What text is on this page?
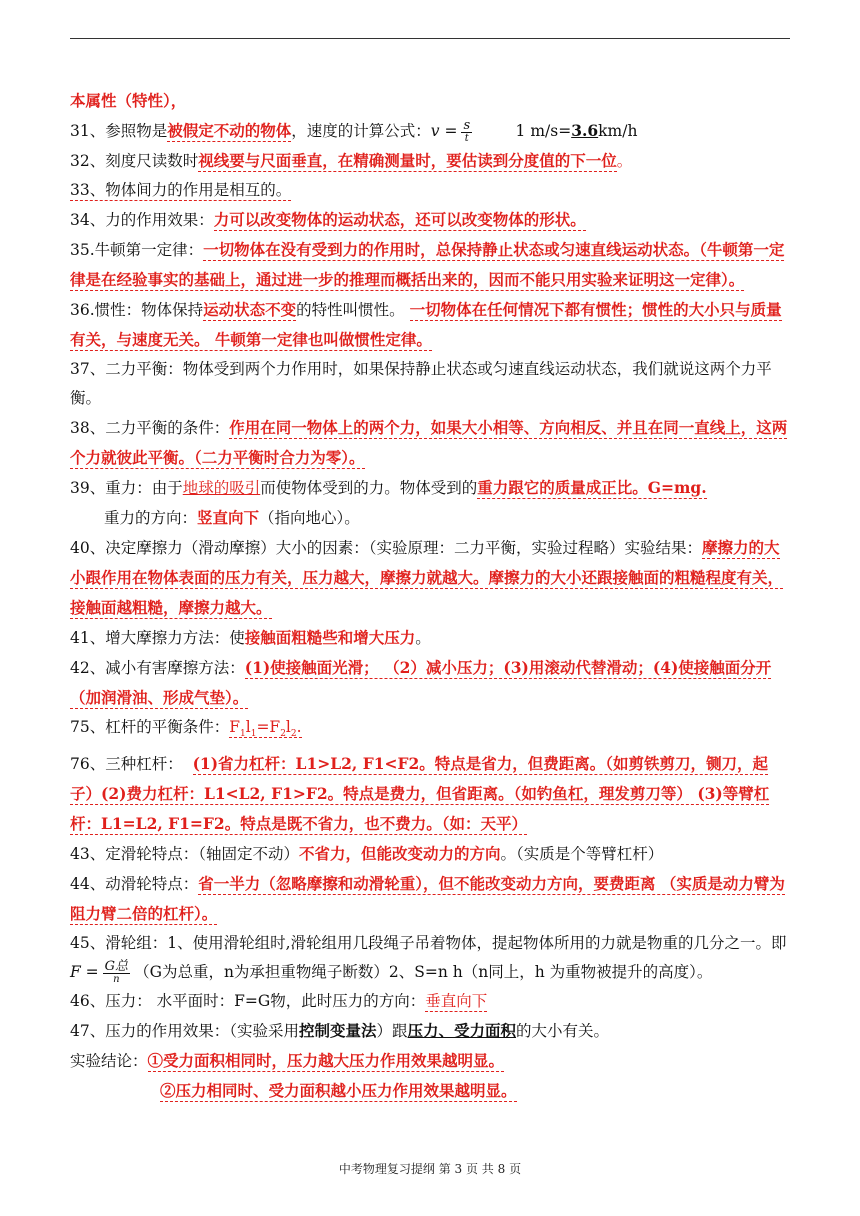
本属性（特性），
31、参照物是被假定不动的物体，速度的计算公式：$v = \frac{s}{t}$	1 m/s=3.6km/h
32、刻度尺读数时视线要与尺面垂直，在精确测量时，要估读到分度值的下一位。
33、物体间力的作用是相互的。
34、力的作用效果：力可以改变物体的运动状态，还可以改变物体的形状。
35.牛顿第一定律：一切物体在没有受到力的作用时，总保持静止状态或匀速直线运动状态。（牛顿第一定律是在经验事实的基础上，通过进一步的推理而概括出来的，因而不能只用实验来证明这一定律）。
36.惯性：物体保持运动状态不变的特性叫惯性。 一切物体在任何情况下都有惯性；惯性的大小只与质量有关，与速度无关。 牛顿第一定律也叫做惯性定律。
37、二力平衡：物体受到两个力作用时，如果保持静止状态或匀速直线运动状态，我们就说这两个力平衡。
38、二力平衡的条件：作用在同一物体上的两个力，如果大小相等、方向相反、并且在同一直线上，这两个力就彼此平衡。（二力平衡时合力为零）。
39、重力：由于地球的吸引而使物体受到的力。物体受到的重力跟它的质量成正比。G=mg.
重力的方向：竖直向下（指向地心）。
40、决定摩擦力（滑动摩擦）大小的因素：（实验原理：二力平衡，实验过程略）实验结果：摩擦力的大小跟作用在物体表面的压力有关，压力越大，摩擦力就越大。摩擦力的大小还跟接触面的粗糙程度有关，接触面越粗糙，摩擦力越大。
41、增大摩擦力方法：使接触面粗糙些和增大压力。
42、减小有害摩擦方法：(1)使接触面光滑； （2）减小压力；(3)用滚动代替滑动；(4)使接触面分开（加润滑油、形成气垫）。
75、杠杆的平衡条件：$F_1l_1=F_2l_2$.
76、三种杠杆： (1)省力杠杆：L1>L2, F1<F2。特点是省力，但费距离。（如剪铁剪刀，铡刀，起子）(2)费力杠杆：L1<L2, F1>F2。特点是费力，但省距离。（如钓鱼杠，理发剪刀等） (3)等臂杠杆：L1=L2, F1=F2。特点是既不省力，也不费力。（如：天平）
43、定滑轮特点：（轴固定不动）不省力，但能改变动力的方向。（实质是个等臂杠杆）
44、动滑轮特点：省一半力（忽略摩擦和动滑轮重），但不能改变动力方向，要费距离 （实质是动力臂为阻力臂二倍的杠杆）。
45、滑轮组：1、使用滑轮组时,滑轮组用几段绳子吊着物体，提起物体所用的力就是物重的几分之一。即$F = \frac{\text{G总}}{n} (G$为总重，n为承担重物绳子断数）2、S=n h（n同上，h 为重物被提升的高度）。
46、压力： 水平面时：F=G物，此时压力的方向：垂直向下
47、压力的作用效果：（实验采用控制变量法）跟压力、受力面积的大小有关。
实验结论：①受力面积相同时，压力越大压力作用效果越明显。
②压力相同时、受力面积越小压力作用效果越明显。
中考物理复习提纲 第 3 页 共 8 页
